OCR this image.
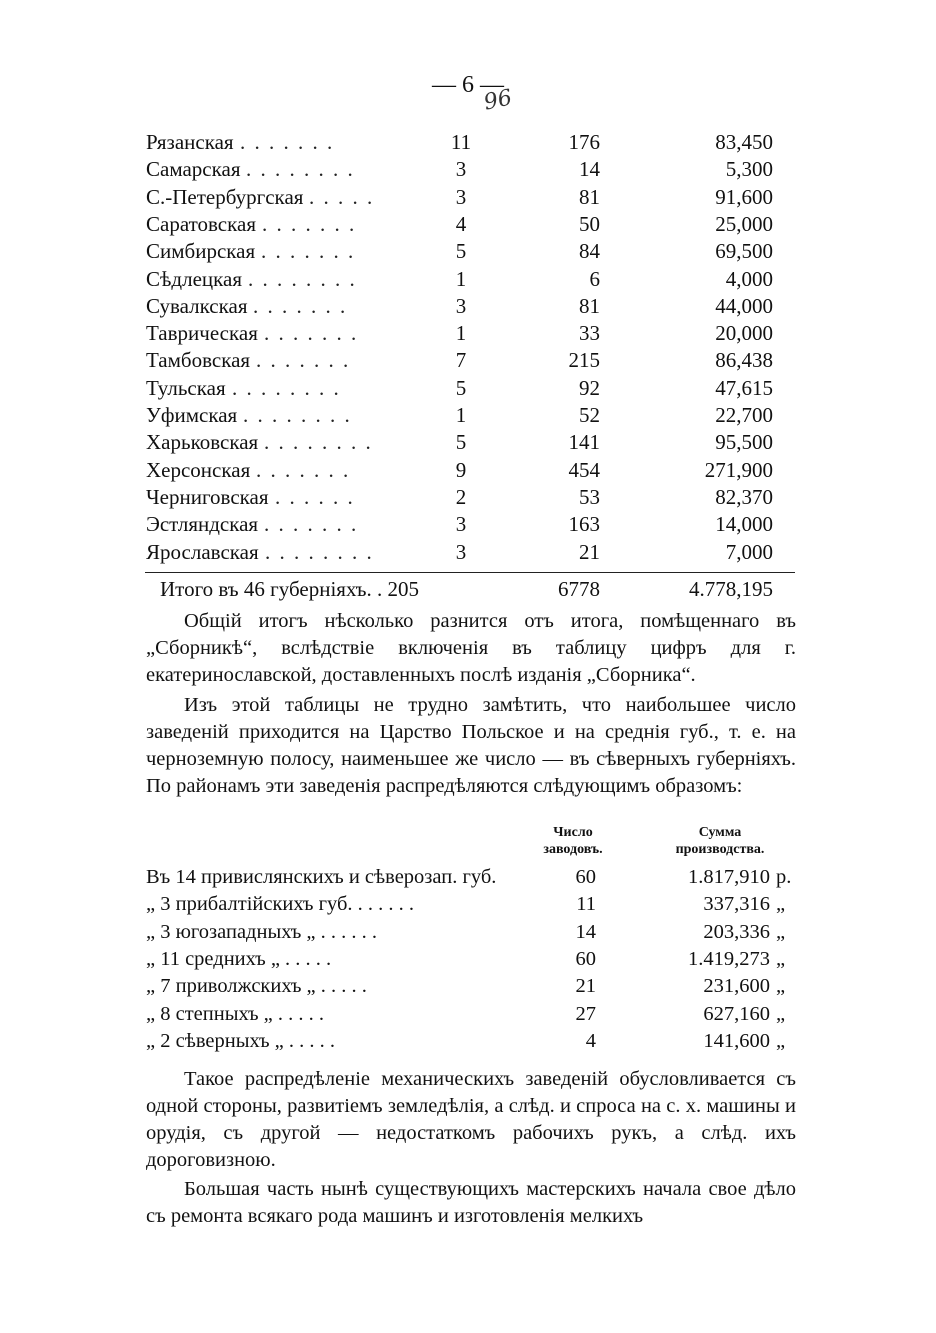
— 6 —
96
Рязанская . . . . . . .	11	176	83,450
Самарская . . . . . . . .	3	14	5,300
С.-Петербургская . . . . .	3	81	91,600
Саратовская . . . . . . .	4	50	25,000
Симбирская . . . . . . .	5	84	69,500
Сѣдлецкая . . . . . . . .	1	6	4,000
Сувалкская . . . . . . .	3	81	44,000
Таврическая . . . . . . .	1	33	20,000
Тамбовская . . . . . . .	7	215	86,438
Тульская . . . . . . . .	5	92	47,615
Уфимская . . . . . . . .	1	52	22,700
Харьковская . . . . . . . .	5	141	95,500
Херсонская . . . . . . .	9	454	271,900
Черниговская . . . . . .	2	53	82,370
Эстляндская . . . . . . .	3	163	14,000
Ярославская . . . . . . . .	3	21	7,000
Итого въ 46 губерніяхъ. . 205	6778	4.778,195
Общій итогъ нѣсколько разнится отъ итога, помѣщеннаго въ „Сборникѣ“, вслѣдствіе включенія въ таблицу цифръ для г. екатеринославской, доставленныхъ послѣ изданія „Сборника“.
Изъ этой таблицы не трудно замѣтить, что наибольшее число заведеній приходится на Царство Польское и на среднія губ., т. е. на черноземную полосу, наименьшее же число — въ сѣверныхъ губерніяхъ. По районамъ эти заведенія распредѣляются слѣдующимъ образомъ:
Число заводовъ.
Сумма производства.
Въ 14 привислянскихъ и сѣверозап. губ.	60	1.817,910 р.
„ 3 прибалтійскихъ губ. . . . . . .	11	337,316 „
„ 3 югозападныхъ „ . . . . . .	14	203,336 „
„ 11 среднихъ „ . . . . .	60	1.419,273 „
„ 7 приволжскихъ „ . . . . .	21	231,600 „
„ 8 степныхъ „ . . . . .	27	627,160 „
„ 2 сѣверныхъ „ . . . . .	4	141,600 „
Такое распредѣленіе механическихъ заведеній обусловливается съ одной стороны, развитіемъ земледѣлія, а слѣд. и спроса на с. х. машины и орудія, съ другой — недостаткомъ рабочихъ рукъ, а слѣд. ихъ дороговизною.
Большая часть нынѣ существующихъ мастерскихъ начала свое дѣло съ ремонта всякаго рода машинъ и изготовленія мелкихъ
